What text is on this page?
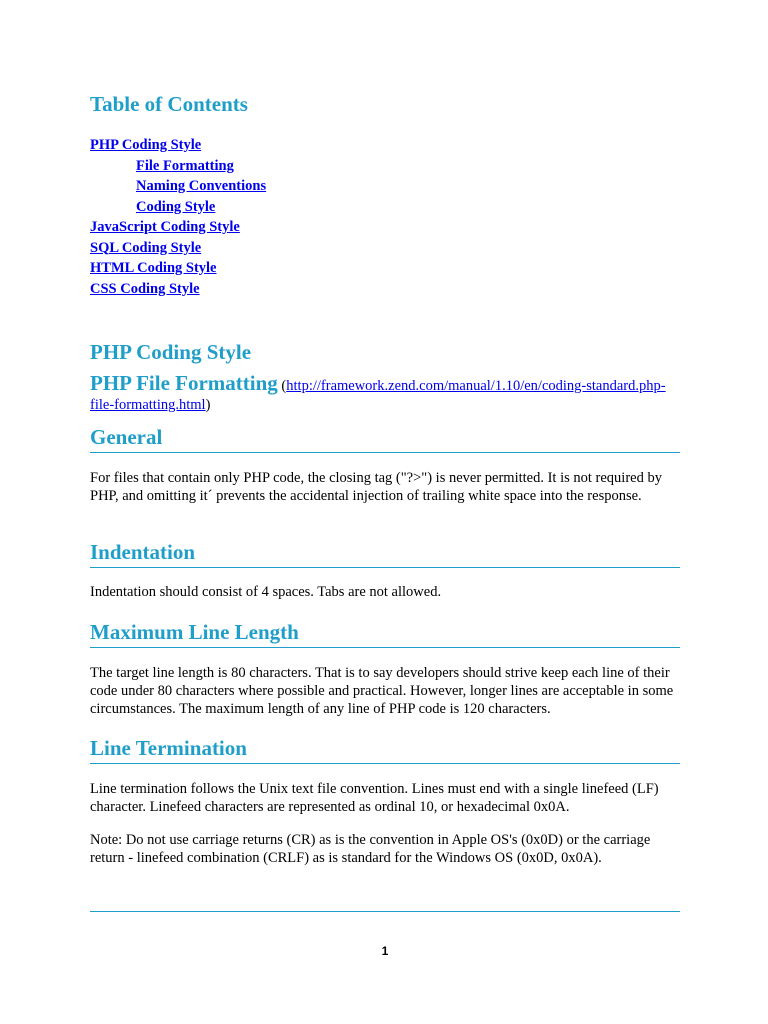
Table of Contents
PHP Coding Style
File Formatting
Naming Conventions
Coding Style
JavaScript Coding Style
SQL Coding Style
HTML Coding Style
CSS Coding Style
PHP Coding Style

PHP File Formatting (http://framework.zend.com/manual/1.10/en/coding-standard.php-file-formatting.html)

General

For files that contain only PHP code, the closing tag ("?>") is never permitted. It is not required by PHP, and omitting it´ prevents the accidental injection of trailing white space into the response.

Indentation

Indentation should consist of 4 spaces. Tabs are not allowed.

Maximum Line Length

The target line length is 80 characters. That is to say developers should strive keep each line of their code under 80 characters where possible and practical. However, longer lines are acceptable in some circumstances. The maximum length of any line of PHP code is 120 characters.

Line Termination

Line termination follows the Unix text file convention. Lines must end with a single linefeed (LF) character. Linefeed characters are represented as ordinal 10, or hexadecimal 0x0A.

Note: Do not use carriage returns (CR) as is the convention in Apple OS's (0x0D) or the carriage return - linefeed combination (CRLF) as is standard for the Windows OS (0x0D, 0x0A).

1
